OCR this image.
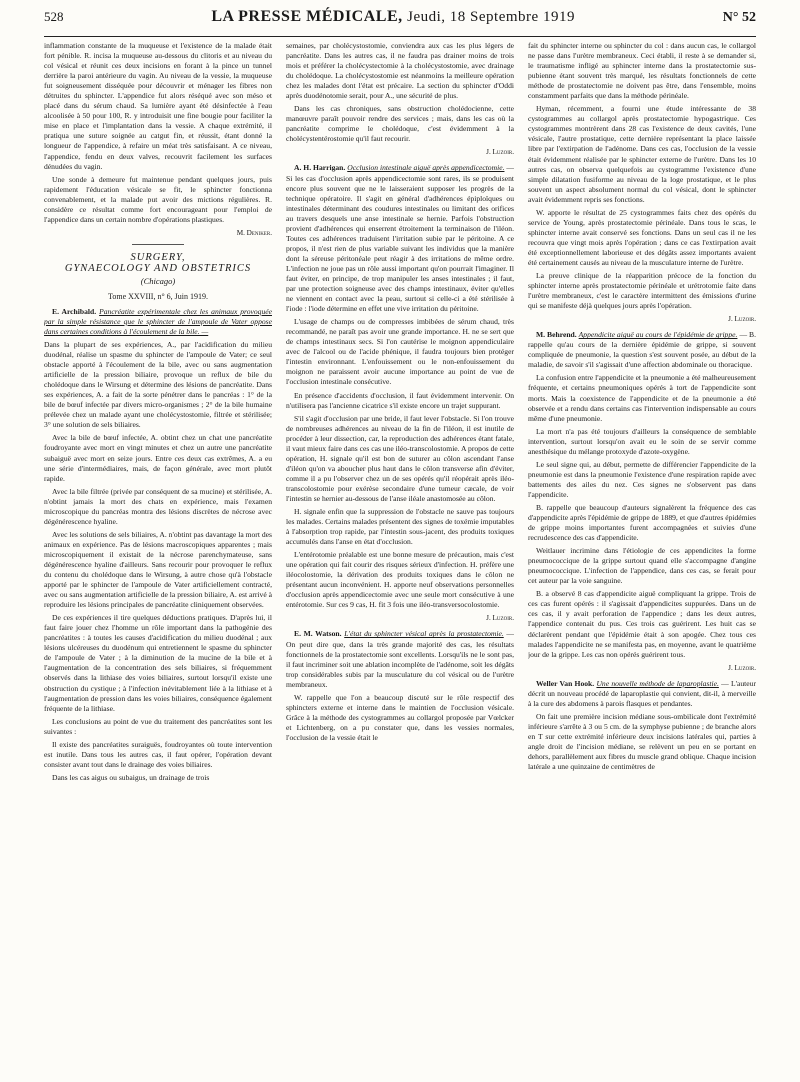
528	LA PRESSE MÉDICALE, Jeudi, 18 Septembre 1919	N° 52

inflammation constante de la muqueuse et l'existence de la malade était fort pénible. R. incisa la muqueuse au-dessous du clitoris et au niveau du col vésical et réunit ces deux incisions en forant à la pince un tunnel derrière la paroi antérieure du vagin. Au niveau de la vessie, la muqueuse fut soigneusement disséquée pour découvrir et ménager les fibres non détruites du sphincter. L'appendice fut alors réséqué avec son méso et placé dans du sérum chaud. Sa lumière ayant été désinfectée à l'eau alcoolisée à 50 pour 100, R. y introduisit une fine bougie pour faciliter la mise en place et l'implantation dans la vessie. A chaque extrémité, il pratiqua une suture soignée au catgut fin, et réussit, étant donné la longueur de l'appendice, à refaire un méat très satisfaisant. A ce niveau, l'appendice, fendu en deux valves, recouvrit facilement les surfaces dénudées du vagin.

Une sonde à demeure fut maintenue pendant quelques jours, puis rapidement l'éducation vésicale se fit, le sphincter fonctionna convenablement, et la malade put avoir des mictions régulières. R. considère ce résultat comme fort encourageant pour l'emploi de l'appendice dans un certain nombre d'opérations plastiques.

M. Deniker.
SURGERY,
GYNAECOLOGY AND OBSTETRICS
(Chicago)
Tome XXVIII, n° 6, Juin 1919.

E. Archibald. Pancréatite expérimentale chez les animaux provoquée par la simple résistance que le sphincter de l'ampoule de Vater oppose dans certaines conditions à l'écoulement de la bile. —

Dans la plupart de ses expériences, A., par l'acidification du milieu duodénal, réalise un spasme du sphincter de l'ampoule de Vater; ce seul obstacle apporté à l'écoulement de la bile, avec ou sans augmentation artificielle de la pression biliaire, provoque un reflux de bile du cholédoque dans le Wirsung et détermine des lésions de pancréatite. Dans ses expériences, A. a fait de la sorte pénétrer dans le pancréas : 1° de la bile de bœuf infectée par divers micro-organismes ; 2° de la bile humaine prélevée chez un malade ayant une cholécystostomie, filtrée et stérilisée; 3° une solution de sels biliaires.

Avec la bile de bœuf infectée, A. obtint chez un chat une pancréatite foudroyante avec mort en vingt minutes et chez un autre une pancréatite subaiguë avec mort en seize jours. Entre ces deux cas extrêmes, A. a eu une série d'intermédiaires, mais, de façon générale, avec mort plutôt rapide.

Avec la bile filtrée (privée par conséquent de sa mucine) et stérilisée, A. n'obtint jamais la mort des chats en expérience, mais l'examen microscopique du pancréas montra des lésions discrètes de nécrose avec dégénérescence hyaline.

Avec les solutions de sels biliaires, A. n'obtint pas davantage la mort des animaux en expérience. Pas de lésions macroscopiques apparentes ; mais microscopiquement il existait de la nécrose parenchymateuse, sans dégénérescence hyaline d'ailleurs. Sans recourir pour provoquer le reflux du contenu du cholédoque dans le Wirsung, à autre chose qu'à l'obstacle apporté par le sphincter de l'ampoule de Vater artificiellement contracté, avec ou sans augmentation artificielle de la pression biliaire, A. est arrivé à reproduire les lésions principales de pancréatite cliniquement observées.

De ces expériences il tire quelques déductions pratiques. D'après lui, il faut faire jouer chez l'homme un rôle important dans la pathogénie des pancréatites : à toutes les causes d'acidification du milieu duodénal ; aux lésions ulcéreuses du duodénum qui entretiennent le spasme du sphincter de l'ampoule de Vater ; à la diminution de la mucine de la bile et à l'augmentation de la concentration des sels biliaires, si fréquemment observés dans la lithiase des voies biliaires, surtout lorsqu'il existe une obstruction du cystique ; à l'infection inévitablement liée à la lithiase et à l'augmentation de pression dans les voies biliaires, conséquence également fréquente de la lithiase.

Les conclusions au point de vue du traitement des pancréatites sont les suivantes :

Il existe des pancréatites suraiguës, foudroyantes où toute intervention est inutile. Dans tous les autres cas, il faut opérer, l'opération devant consister avant tout dans le drainage des voies biliaires.

Dans les cas aigus ou subaigus, un drainage de trois

semaines, par cholécystostomie, conviendra aux cas les plus légers de pancréatite. Dans les autres cas, il ne faudra pas drainer moins de trois mois et préférer la cholécystectomie à la cholécystostomie, avec drainage du cholédoque. La cholécystostomie est néanmoins la meilleure opération chez les malades dont l'état est précaire. La section du sphincter d'Oddi après duodénotomie serait, pour A., une sécurité de plus.

Dans les cas chroniques, sans obstruction cholédocienne, cette manœuvre paraît pouvoir rendre des services ; mais, dans les cas où la pancréatite comprime le cholédoque, c'est évidemment à la cholécystentérostomie qu'il faut recourir.

J. Luzoir.

A. H. Harrigan. Occlusion intestinale aiguë après appendicectomie. — Si les cas d'occlusion après appendicectomie sont rares, ils se produisent encore plus souvent que ne le laisseraient supposer les progrès de la technique opératoire. Il s'agit en général d'adhérences épiploïques ou intestinales déterminant des coudures intestinales ou limitant des orifices au travers desquels une anse intestinale se hernie. Parfois l'obstruction provient d'adhérences qui enserrent étroitement la terminaison de l'iléon. Toutes ces adhérences traduisent l'irritation subie par le péritoine. A ce propos, il n'est rien de plus variable suivant les individus que la manière dont la séreuse péritonéale peut réagir à des irritations de même ordre. L'infection ne joue pas un rôle aussi important qu'on pourrait l'imaginer. Il faut éviter, en principe, de trop manipuler les anses intestinales ; il faut, par une protection soigneuse avec des champs intestinaux, éviter qu'elles ne viennent en contact avec la peau, surtout si celle-ci a été stérilisée à l'iode : l'iode détermine en effet une vive irritation du péritoine.

L'usage de champs ou de compresses imbibées de sérum chaud, très recommandé, ne paraît pas avoir une grande importance. H. ne se sert que de champs intestinaux secs. Si l'on cautérise le moignon appendiculaire avec de l'alcool ou de l'acide phénique, il faudra toujours bien protéger l'intestin environnant. L'enfouissement ou le non-enfouissement du moignon ne paraissent avoir aucune importance au point de vue de l'occlusion intestinale consécutive.

En présence d'accidents d'occlusion, il faut évidemment intervenir. On n'utilisera pas l'ancienne cicatrice s'il existe encore un trajet suppurant.

S'il s'agit d'occlusion par une bride, il faut lever l'obstacle. Si l'on trouve de nombreuses adhérences au niveau de la fin de l'iléon, il est inutile de procéder à leur dissection, car, la reproduction des adhérences étant fatale, il vaut mieux faire dans ces cas une iléo-transcolostomie. A propos de cette opération, H. signale qu'il est bon de suturer au côlon ascendant l'anse d'iléon qu'on va aboucher plus haut dans le côlon transverse afin d'éviter, comme il a pu l'observer chez un de ses opérés qu'il réopérait après iléo-transcolostomie pour exérèse secondaire d'une tumeur cæcale, de voir l'intestin se hernier au-dessous de l'anse iléale anastomosée au côlon.

H. signale enfin que la suppression de l'obstacle ne sauve pas toujours les malades. Certains malades présentent des signes de toxémie imputables à l'absorption trop rapide, par l'intestin sous-jacent, des produits toxiques accumulés dans l'anse en état d'occlusion.

L'entérotomie préalable est une bonne mesure de précaution, mais c'est une opération qui fait courir des risques sérieux d'infection. H. préfère une iléocolostomie, la dérivation des produits toxiques dans le côlon ne présentant aucun inconvénient. H. apporte neuf observations personnelles d'occlusion après appendicectomie avec une seule mort consécutive à une entérotomie. Sur ces 9 cas, H. fit 3 fois une iléo-transversocolostomie.

J. Luzoir.

E. M. Watson. L'état du sphincter vésical après la prostatectomie. — On peut dire que, dans la très grande majorité des cas, les résultats fonctionnels de la prostatectomie sont excellents. Lorsqu'ils ne le sont pas, il faut incriminer soit une ablation incomplète de l'adénome, soit les dégâts trop considérables subis par la musculature du col vésical ou de l'urètre membraneux.

W. rappelle que l'on a beaucoup discuté sur le rôle respectif des sphincters externe et interne dans le maintien de l'occlusion vésicale. Grâce à la méthode des cystogrammes au collargol proposée par Vœlcker et Lichtenberg, on a pu constater que, dans les vessies normales, l'occlusion de la vessie était le

fait du sphincter interne ou sphincter du col : dans aucun cas, le collargol ne passe dans l'urètre membraneux. Ceci établi, il reste à se demander si, le traumatisme infligé au sphincter interne dans la prostatectomie sus-pubienne étant souvent très marqué, les résultats fonctionnels de cette méthode de prostatectomie ne doivent pas être, dans l'ensemble, moins constamment parfaits que dans la méthode périnéale.

Hyman, récemment, a fourni une étude intéressante de 38 cystogrammes au collargol après prostatectomie hypogastrique. Ces cystogrammes montrèrent dans 28 cas l'existence de deux cavités, l'une vésicale, l'autre prostatique, cette dernière représentant la place laissée libre par l'extirpation de l'adénome. Dans ces cas, l'occlusion de la vessie était évidemment réalisée par le sphincter externe de l'urètre. Dans les 10 autres cas, on observa quelquefois au cystogramme l'existence d'une simple dilatation fusiforme au niveau de la loge prostatique, et le plus souvent un aspect absolument normal du col vésical, dont le sphincter avait évidemment repris ses fonctions.

W. apporte le résultat de 25 cystogrammes faits chez des opérés du service de Young, après prostatectomie périnéale. Dans tous le scas, le sphincter interne avait conservé ses fonctions. Dans un seul cas il ne les recouvra que vingt mois après l'opération ; dans ce cas l'extirpation avait été exceptionnellement laborieuse et des dégâts assez importants avaient été certainement causés au niveau de la musculature interne de l'urètre.

La preuve clinique de la réapparition précoce de la fonction du sphincter interne après prostatectomie périnéale et urétrotomie faite dans l'urètre membraneux, c'est le caractère intermittent des émissions d'urine qui se manifeste déjà quelques jours après l'opération.

J. Luzoir.

M. Behrend. Appendicite aiguë au cours de l'épidémie de grippe. — B. rappelle qu'au cours de la dernière épidémie de grippe, si souvent compliquée de pneumonie, la question s'est souvent posée, au début de la maladie, de savoir s'il s'agissait d'une affection abdominale ou thoracique.

La confusion entre l'appendicite et la pneumonie a été malheureusement fréquente, et certains pneumoniques opérés à tort de l'appendicite sont morts. Mais la coexistence de l'appendicite et de la pneumonie a été observée et a rendu dans certains cas l'intervention indispensable au cours même d'une pneumonie.

La mort n'a pas été toujours d'ailleurs la conséquence de semblable intervention, surtout lorsqu'on avait eu le soin de se servir comme anesthésique du mélange protoxyde d'azote-oxygène.

Le seul signe qui, au début, permette de différencier l'appendicite de la pneumonie est dans la pneumonie l'existence d'une respiration rapide avec battements des ailes du nez. Ces signes ne s'observent pas dans l'appendicite.

B. rappelle que beaucoup d'auteurs signalèrent la fréquence des cas d'appendicite après l'épidémie de grippe de 1889, et que d'autres épidémies de grippe moins importantes furent accompagnées et suivies d'une recrudescence des cas d'appendicite.

Weitlauer incrimine dans l'étiologie de ces appendicites la forme pneumococcique de la grippe surtout quand elle s'accompagne d'angine pneumococcique. L'infection de l'appendice, dans ces cas, se ferait pour cet auteur par la voie sanguine.

B. a observé 8 cas d'appendicite aiguë compliquant la grippe. Trois de ces cas furent opérés : il s'agissait d'appendicites suppurées. Dans un de ces cas, il y avait perforation de l'appendice ; dans les deux autres, l'appendice contenait du pus. Ces trois cas guérirent. Les huit cas se déclarèrent pendant que l'épidémie était à son apogée. Chez tous ces malades l'appendicite ne se manifesta pas, en moyenne, avant le quatrième jour de la grippe. Les cas non opérés guérirent tous.

J. Luzoir.

Weller Van Hook. Une nouvelle méthode de laparoplastie. — L'auteur décrit un nouveau procédé de laparoplastie qui convient, dit-il, à merveille à la cure des abdomens à parois flasques et pendantes.

On fait une première incision médiane sous-ombilicale dont l'extrémité inférieure s'arrête à 3 ou 5 cm. de la symphyse pubienne ; de branche alors en T sur cette extrémité inférieure deux incisions latérales qui, parties à angle droit de l'incision médiane, se relèvent un peu en se portant en dehors, parallèlement aux fibres du muscle grand oblique. Chaque incision latérale a une quinzaine de centimètres de
